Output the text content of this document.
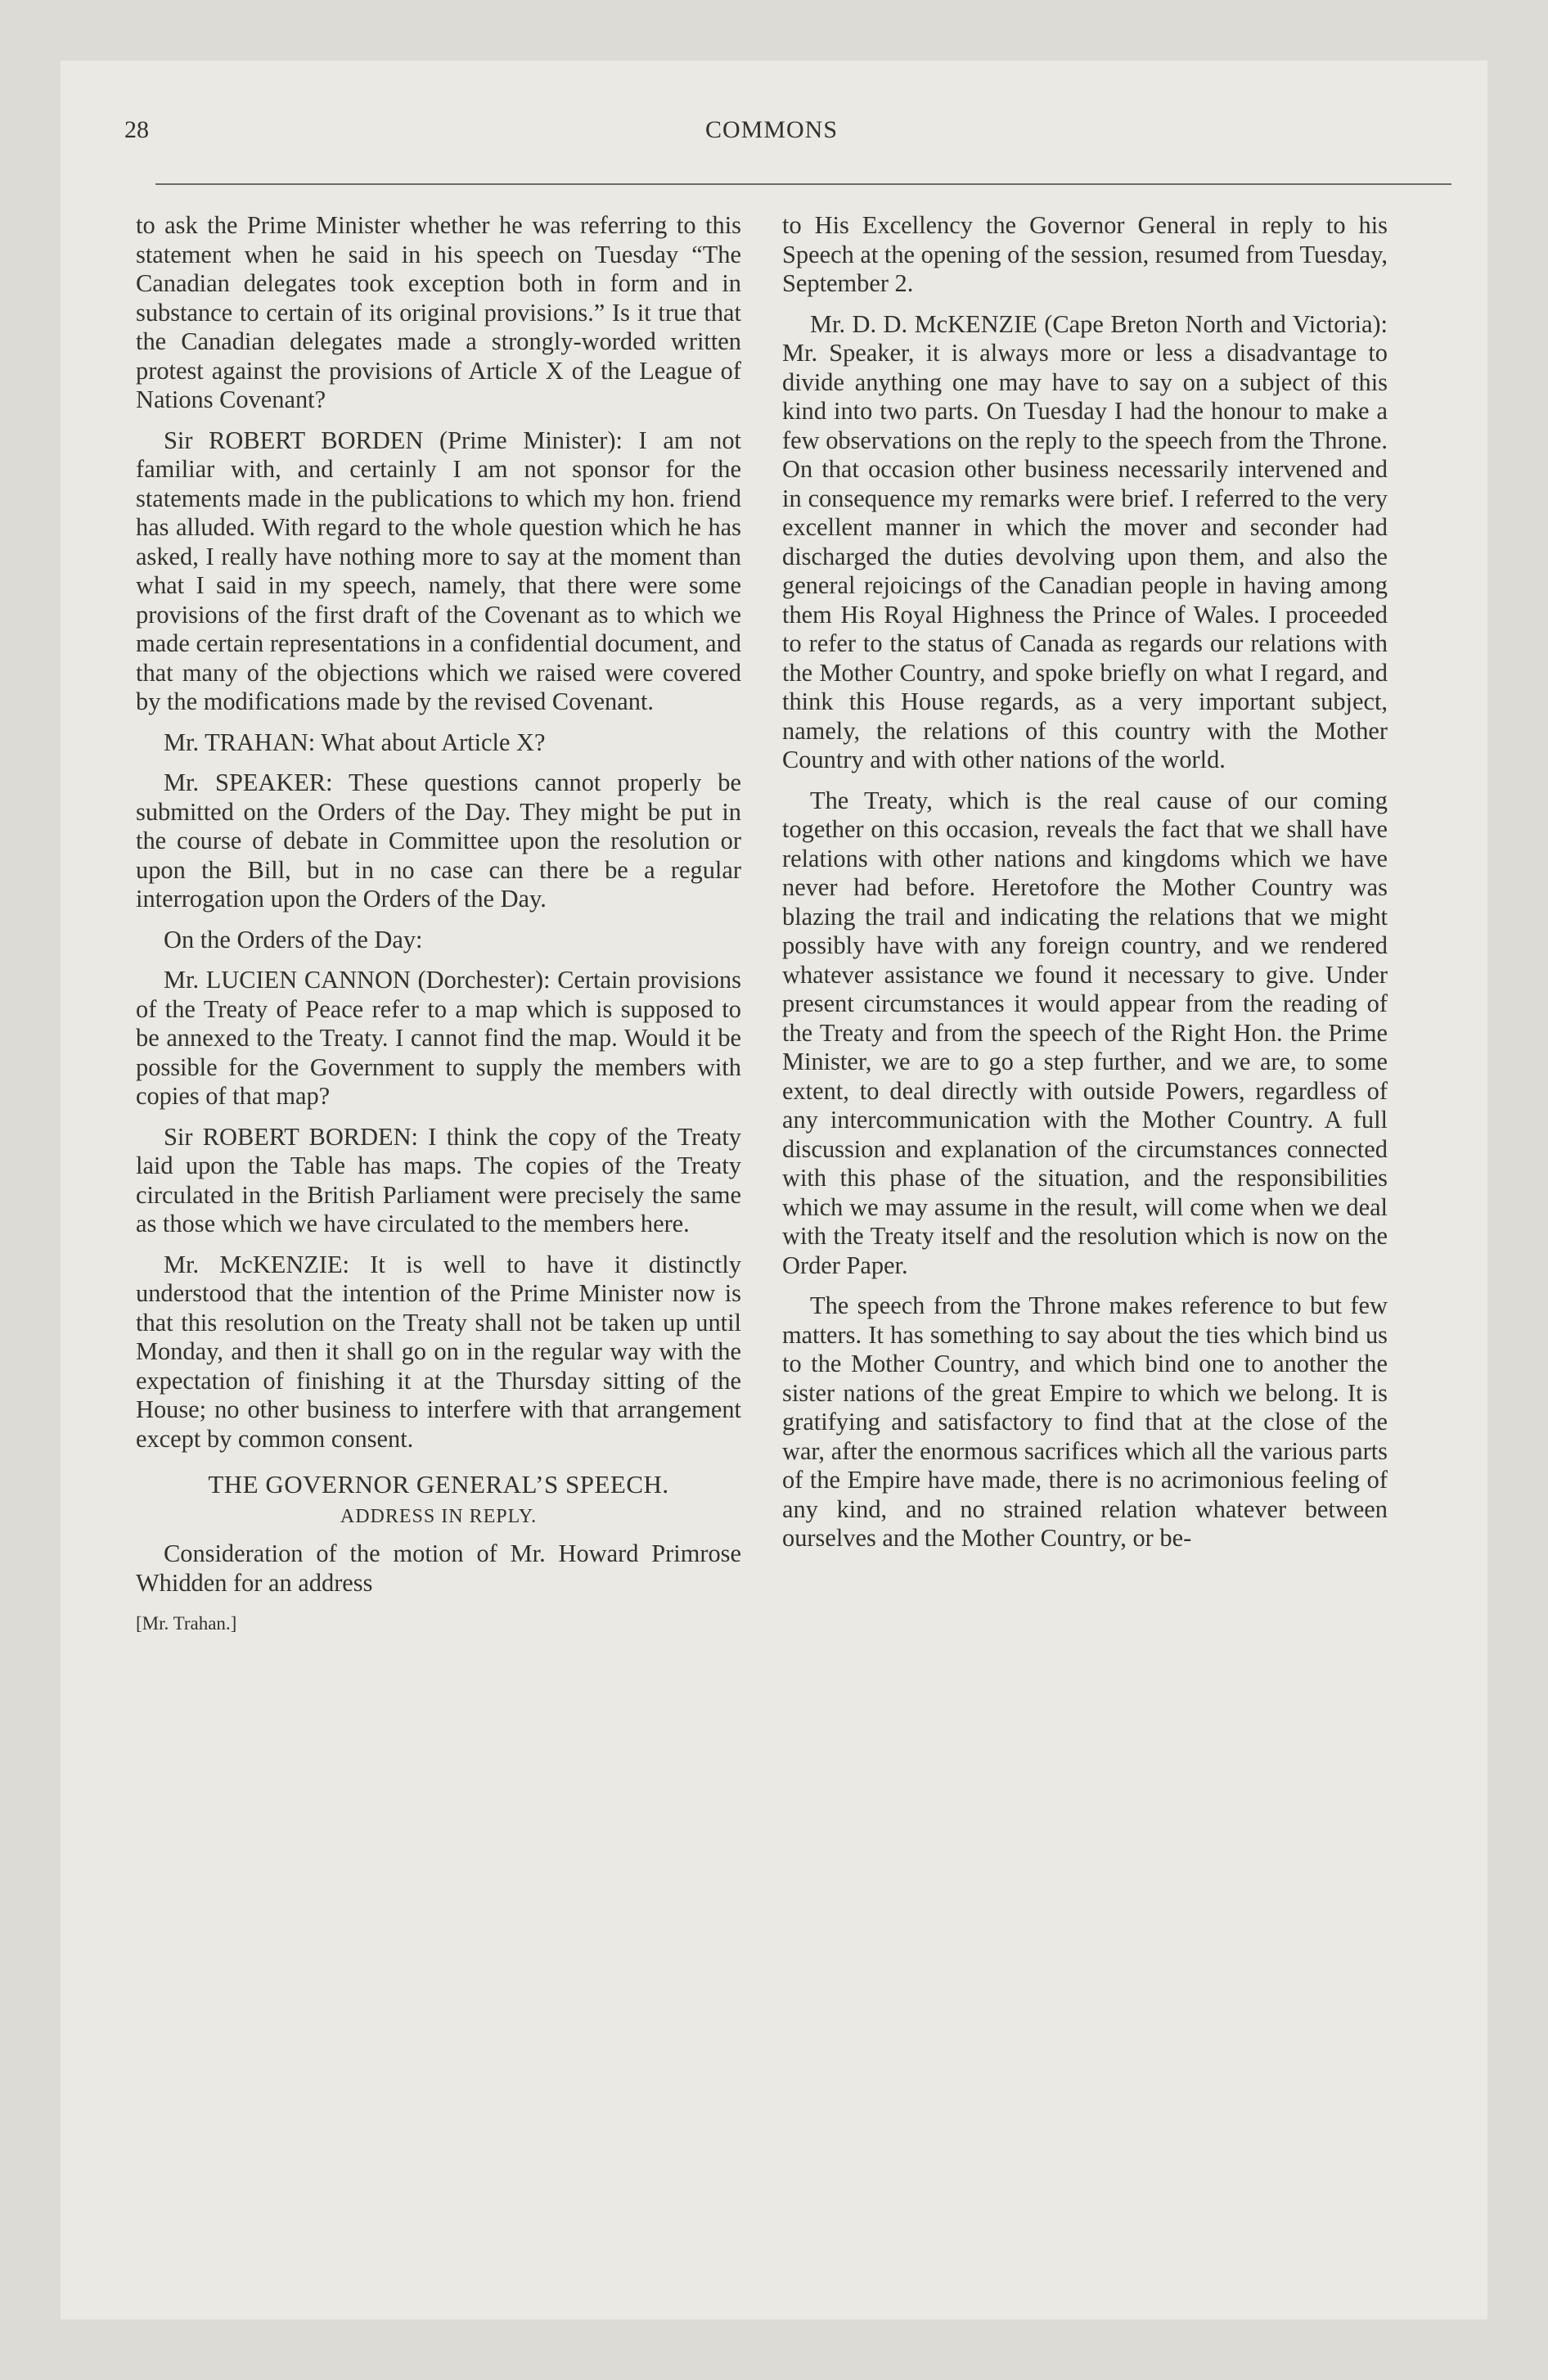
28	COMMONS

to ask the Prime Minister whether he was referring to this statement when he said in his speech on Tuesday “The Canadian delegates took exception both in form and in substance to certain of its original provisions.” Is it true that the Canadian delegates made a strongly-worded written protest against the provisions of Article X of the League of Nations Covenant?

Sir ROBERT BORDEN (Prime Minister): I am not familiar with, and certainly I am not sponsor for the statements made in the publications to which my hon. friend has alluded. With regard to the whole question which he has asked, I really have nothing more to say at the moment than what I said in my speech, namely, that there were some provisions of the first draft of the Covenant as to which we made certain representations in a confidential document, and that many of the objections which we raised were covered by the modifications made by the revised Covenant.

Mr. TRAHAN: What about Article X?

Mr. SPEAKER: These questions cannot properly be submitted on the Orders of the Day. They might be put in the course of debate in Committee upon the resolution or upon the Bill, but in no case can there be a regular interrogation upon the Orders of the Day.

On the Orders of the Day:

Mr. LUCIEN CANNON (Dorchester): Certain provisions of the Treaty of Peace refer to a map which is supposed to be annexed to the Treaty. I cannot find the map. Would it be possible for the Government to supply the members with copies of that map?

Sir ROBERT BORDEN: I think the copy of the Treaty laid upon the Table has maps. The copies of the Treaty circulated in the British Parliament were precisely the same as those which we have circulated to the members here.

Mr. McKENZIE: It is well to have it distinctly understood that the intention of the Prime Minister now is that this resolution on the Treaty shall not be taken up until Monday, and then it shall go on in the regular way with the expectation of finishing it at the Thursday sitting of the House; no other business to interfere with that arrangement except by common consent.

THE GOVERNOR GENERAL’S SPEECH.
ADDRESS IN REPLY.

Consideration of the motion of Mr. Howard Primrose Whidden for an address

[Mr. Trahan.]

to His Excellency the Governor General in reply to his Speech at the opening of the session, resumed from Tuesday, September 2.

Mr. D. D. McKENZIE (Cape Breton North and Victoria): Mr. Speaker, it is always more or less a disadvantage to divide anything one may have to say on a subject of this kind into two parts. On Tuesday I had the honour to make a few observations on the reply to the speech from the Throne. On that occasion other business necessarily intervened and in consequence my remarks were brief. I referred to the very excellent manner in which the mover and seconder had discharged the duties devolving upon them, and also the general rejoicings of the Canadian people in having among them His Royal Highness the Prince of Wales. I proceeded to refer to the status of Canada as regards our relations with the Mother Country, and spoke briefly on what I regard, and think this House regards, as a very important subject, namely, the relations of this country with the Mother Country and with other nations of the world.

The Treaty, which is the real cause of our coming together on this occasion, reveals the fact that we shall have relations with other nations and kingdoms which we have never had before. Heretofore the Mother Country was blazing the trail and indicating the relations that we might possibly have with any foreign country, and we rendered whatever assistance we found it necessary to give. Under present circumstances it would appear from the reading of the Treaty and from the speech of the Right Hon. the Prime Minister, we are to go a step further, and we are, to some extent, to deal directly with outside Powers, regardless of any intercommunication with the Mother Country. A full discussion and explanation of the circumstances connected with this phase of the situation, and the responsibilities which we may assume in the result, will come when we deal with the Treaty itself and the resolution which is now on the Order Paper.

The speech from the Throne makes reference to but few matters. It has something to say about the ties which bind us to the Mother Country, and which bind one to another the sister nations of the great Empire to which we belong. It is gratifying and satisfactory to find that at the close of the war, after the enormous sacrifices which all the various parts of the Empire have made, there is no acrimonious feeling of any kind, and no strained relation whatever between ourselves and the Mother Country, or be-
